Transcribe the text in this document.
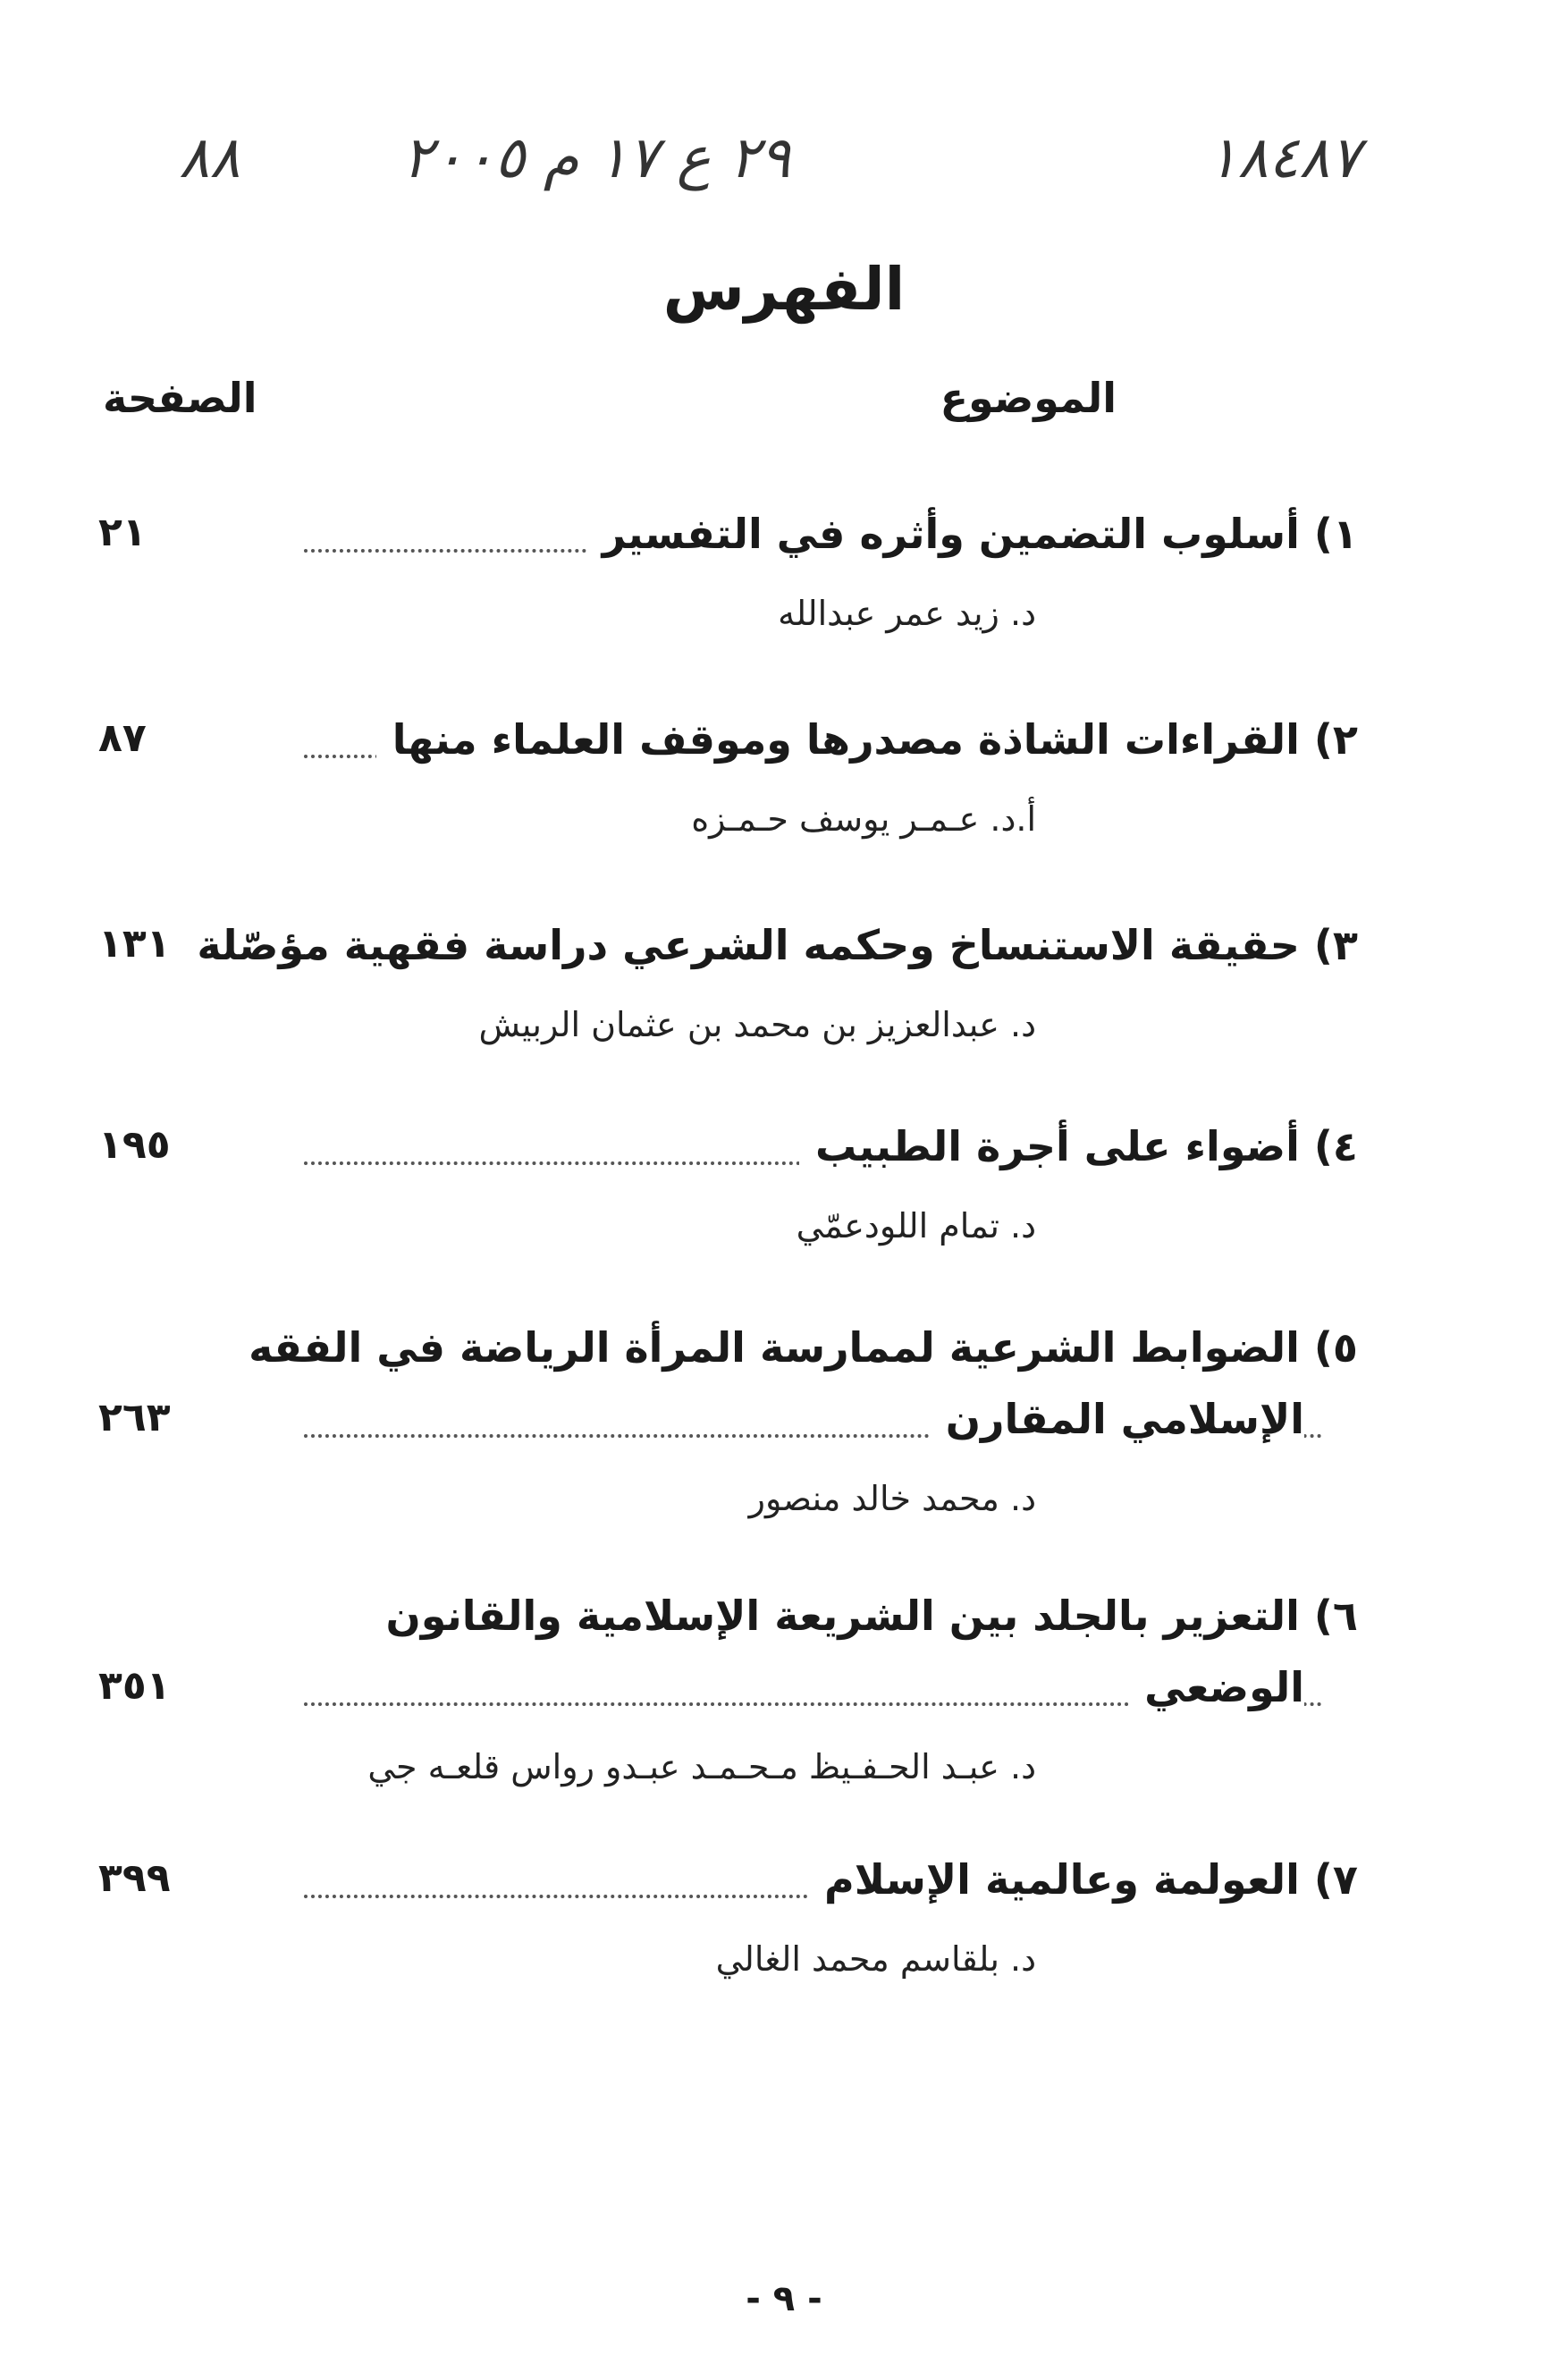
٨٨	٢٩ ع ١٧ م ٢٠٠٥	١٨٤٨٧
الفهرس
الموضوع
الصفحة
١) أسلوب التضمين وأثره في التفسير
٢١
د. زيد عمر عبدالله
٢) القراءات الشاذة مصدرها وموقف العلماء منها
٨٧
أ.د. عـمـر يوسف حـمـزه
٣) حقيقة الاستنساخ وحكمه الشرعي دراسة فقهية مؤصّلة
١٣١
د. عبدالعزيز بن محمد بن عثمان الربيش
٤) أضواء على أجرة الطبيب
١٩٥
د. تمام اللودعمّي
٥) الضوابط الشرعية لممارسة المرأة الرياضة في الفقه
الإسلامي المقارن
٢٦٣
د. محمد خالد منصور
٦) التعزير بالجلد بين الشريعة الإسلامية والقانون
الوضعي
٣٥١
د. عبـد الحـفـيظ مـحـمـد عبـدو رواس قلعـه جي
٧) العولمة وعالمية الإسلام
٣٩٩
د. بلقاسم محمد الغالي
- ٩ -
